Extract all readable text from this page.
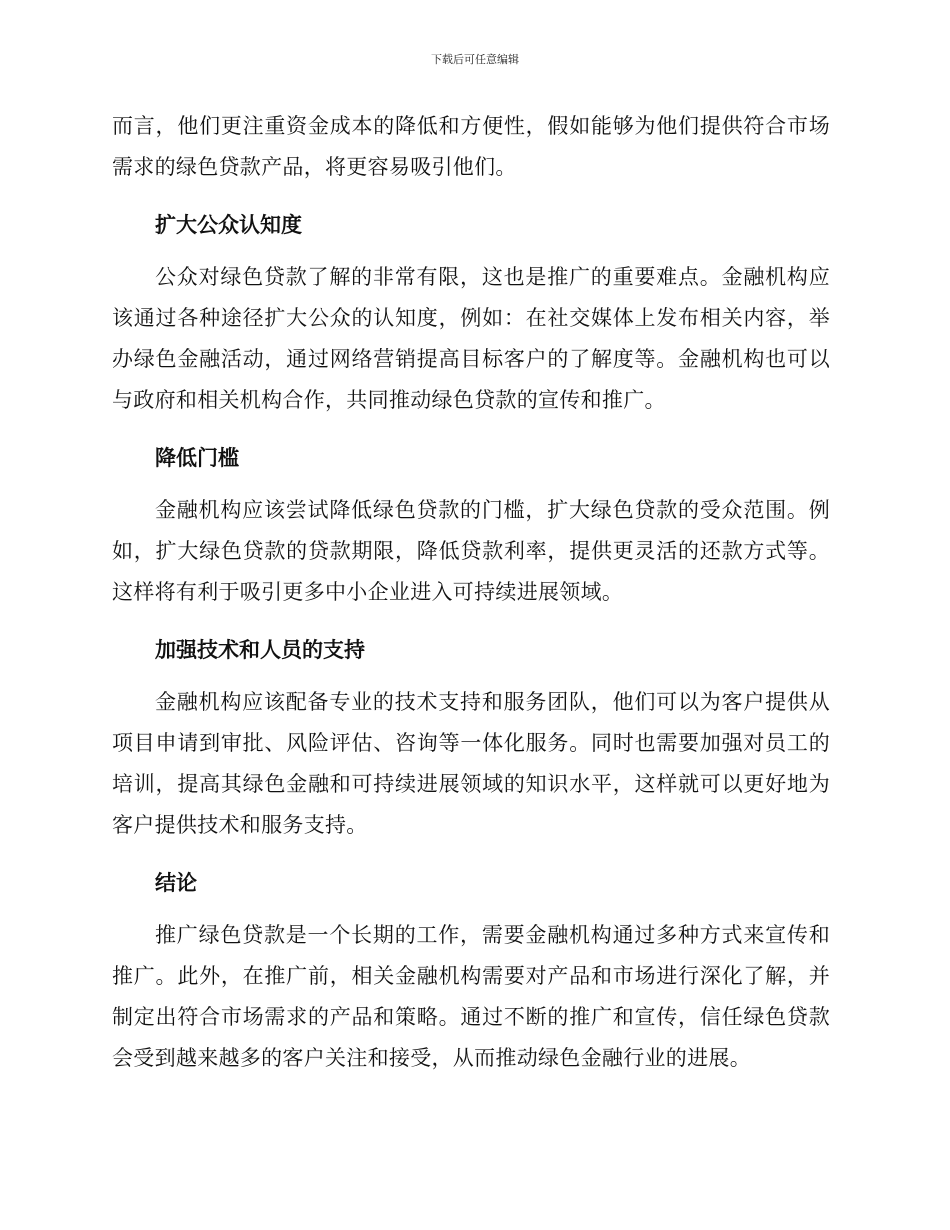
下载后可任意编辑

而言，他们更注重资金成本的降低和方便性，假如能够为他们提供符合市场需求的绿色贷款产品，将更容易吸引他们。

扩大公众认知度

公众对绿色贷款了解的非常有限，这也是推广的重要难点。金融机构应该通过各种途径扩大公众的认知度，例如：在社交媒体上发布相关内容，举办绿色金融活动，通过网络营销提高目标客户的了解度等。金融机构也可以与政府和相关机构合作，共同推动绿色贷款的宣传和推广。

降低门槛

金融机构应该尝试降低绿色贷款的门槛，扩大绿色贷款的受众范围。例如，扩大绿色贷款的贷款期限，降低贷款利率，提供更灵活的还款方式等。这样将有利于吸引更多中小企业进入可持续进展领域。

加强技术和人员的支持

金融机构应该配备专业的技术支持和服务团队，他们可以为客户提供从项目申请到审批、风险评估、咨询等一体化服务。同时也需要加强对员工的培训，提高其绿色金融和可持续进展领域的知识水平，这样就可以更好地为客户提供技术和服务支持。

结论

推广绿色贷款是一个长期的工作，需要金融机构通过多种方式来宣传和推广。此外，在推广前，相关金融机构需要对产品和市场进行深化了解，并制定出符合市场需求的产品和策略。通过不断的推广和宣传，信任绿色贷款会受到越来越多的客户关注和接受，从而推动绿色金融行业的进展。
